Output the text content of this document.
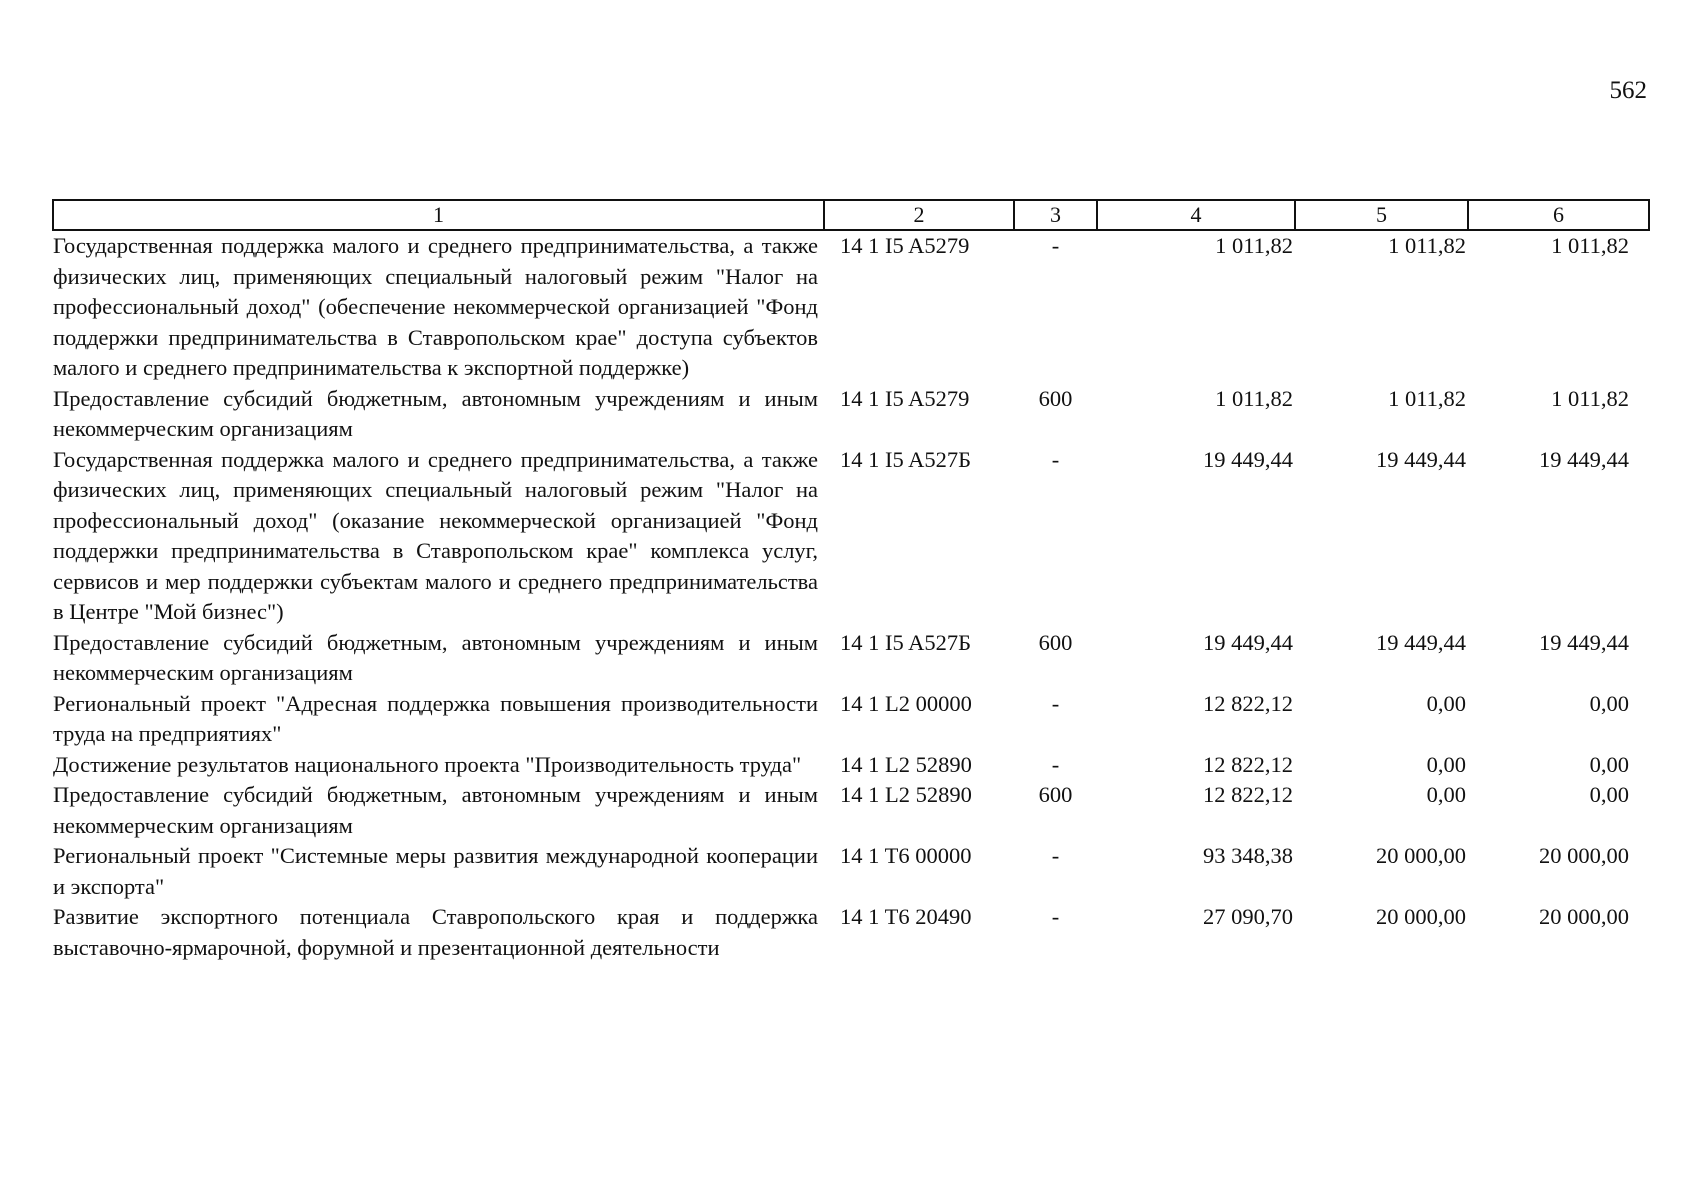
562
1	2	3	4	5	6
Государственная поддержка малого и среднего предпринимательства, а также физических лиц, применяющих специальный налоговый режим "Налог на профессиональный доход" (обеспечение некоммерческой организацией "Фонд поддержки предпринимательства в Ставропольском крае" доступа субъектов малого и среднего предпринимательства к экспортной поддержке)	14 1 I5 A5279	-	1 011,82	1 011,82	1 011,82
Предоставление субсидий бюджетным, автономным учреждениям и иным некоммерческим организациям	14 1 I5 A5279	600	1 011,82	1 011,82	1 011,82
Государственная поддержка малого и среднего предпринимательства, а также физических лиц, применяющих специальный налоговый режим "Налог на профессиональный доход" (оказание некоммерческой организацией "Фонд поддержки предпринимательства в Ставропольском крае" комплекса услуг, сервисов и мер поддержки субъектам малого и среднего предпринимательства в Центре "Мой бизнес")	14 1 I5 A527Б	-	19 449,44	19 449,44	19 449,44
Предоставление субсидий бюджетным, автономным учреждениям и иным некоммерческим организациям	14 1 I5 A527Б	600	19 449,44	19 449,44	19 449,44
Региональный проект "Адресная поддержка повышения производительности труда на предприятиях"	14 1 L2 00000	-	12 822,12	0,00	0,00
Достижение результатов национального проекта "Производительность труда"	14 1 L2 52890	-	12 822,12	0,00	0,00
Предоставление субсидий бюджетным, автономным учреждениям и иным некоммерческим организациям	14 1 L2 52890	600	12 822,12	0,00	0,00
Региональный проект "Системные меры развития международной кооперации и экспорта"	14 1 T6 00000	-	93 348,38	20 000,00	20 000,00
Развитие экспортного потенциала Ставропольского края и поддержка выставочно-ярмарочной, форумной и презентационной деятельности	14 1 T6 20490	-	27 090,70	20 000,00	20 000,00
